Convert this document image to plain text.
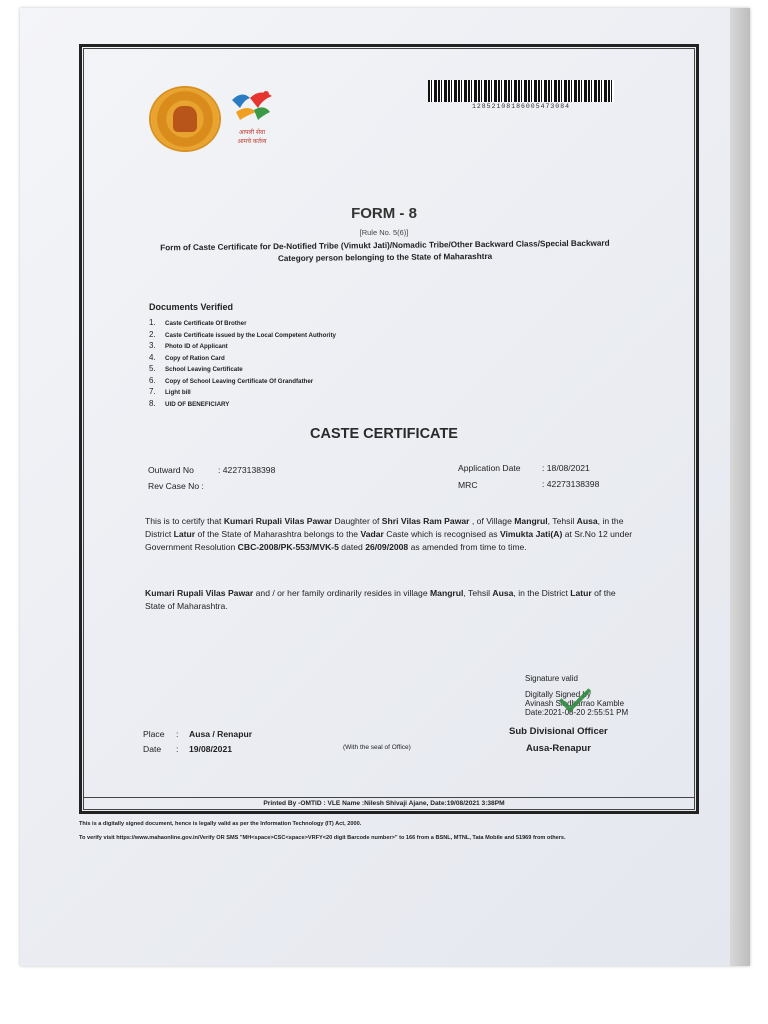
आपली सेवा
आमचे कर्तव्य
12852108186005473084
FORM - 8
[Rule No. 5(6)]
Form of Caste Certificate for De-Notified Tribe (Vimukt Jati)/Nomadic Tribe/Other Backward Class/Special Backward Category person belonging to the State of Maharashtra
Documents Verified
1. Caste Certificate Of Brother
2. Caste Certificate issued by the Local Competent Authority
3. Photo ID of Applicant
4. Copy of Ration Card
5. School Leaving Certificate
6. Copy of School Leaving Certificate Of Grandfather
7. Light bill
8. UID OF BENEFICIARY
CASTE CERTIFICATE
Outward No	: 42273138398
Rev Case No :
Application Date : 18/08/2021
MRC	: 42273138398
This is to certify that Kumari Rupali Vilas Pawar Daughter of Shri Vilas Ram Pawar , of Village Mangrul, Tehsil Ausa, in the District Latur of the State of Maharashtra belongs to the Vadar Caste which is recognised as Vimukta Jati(A) at Sr.No 12 under Government Resolution CBC-2008/PK-553/MVK-5 dated 26/09/2008 as amended from time to time.
Kumari Rupali Vilas Pawar and / or her family ordinarily resides in village Mangrul, Tehsil Ausa, in the District Latur of the State of Maharashtra.
Signature valid
Digitally Signed by
Avinash Sindharrao Kamble
Date:2021-08-20 2:55:51 PM
Sub Divisional Officer
Ausa-Renapur
Place : Ausa / Renapur
Date : 19/08/2021	(With the seal of Office)
Printed By -OMTID : VLE Name :Nilesh Shivaji Ajane, Date:19/08/2021 3:38PM
This is a digitally signed document, hence is legally valid as per the Information Technology (IT) Act, 2000.
To verify visit https://www.mahaonline.gov.in/Verify OR SMS "MH<space>CSC<space>VRFY<20 digit Barcode number>" to 166 from a BSNL, MTNL, Tata Mobile and 51969 from others.
